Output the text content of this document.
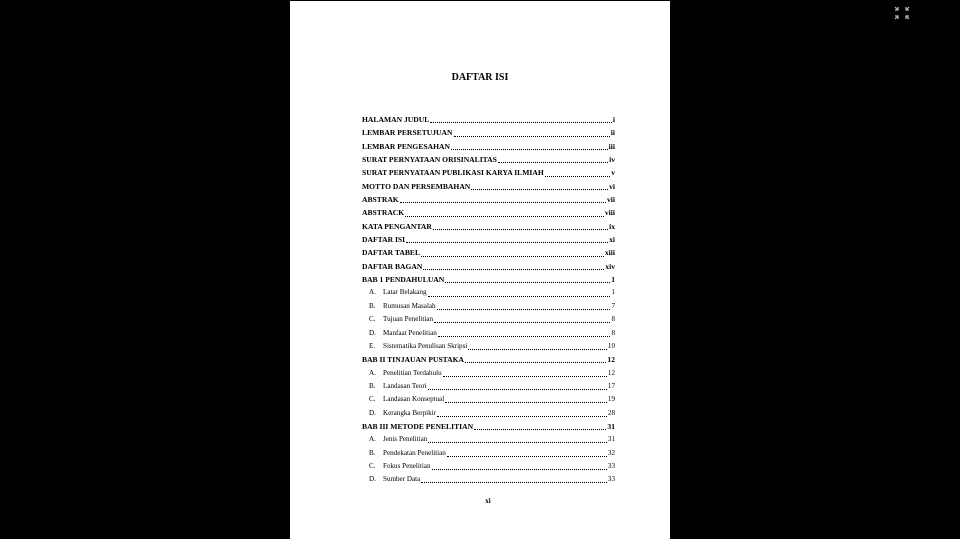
DAFTAR ISI
HALAMAN JUDUL	i
LEMBAR PERSETUJUAN	ii
LEMBAR PENGESAHAN	iii
SURAT PERNYATAAN ORISINALITAS	iv
SURAT PERNYATAAN PUBLIKASI KARYA ILMIAH	v
MOTTO DAN PERSEMBAHAN	vi
ABSTRAK	vii
ABSTRACK	viii
KATA PENGANTAR	ix
DAFTAR ISI	xi
DAFTAR TABEL	xiii
DAFTAR BAGAN	xiv
BAB 1 PENDAHULUAN	1
A. Latar Belakang	1
B.	Rumusan Masalah	7
C.	Tujuan Penelitian	8
D. Manfaat Penelitian	8
E.	Sistematika Penulisan Skripsi	10
BAB II TINJAUAN PUSTAKA	12
A. Penelitian Terdahulu	12
B.	Landasan Teori	17
C.	Landasan Konseptual	19
D. Kerangka Berpikir	28
BAB III METODE PENELITIAN	31
A. Jenis Penelitian	31
B.	Pendekatan Penelitian	32
C.	Fokus Penelitian	33
D. Sumber Data	33
xi
